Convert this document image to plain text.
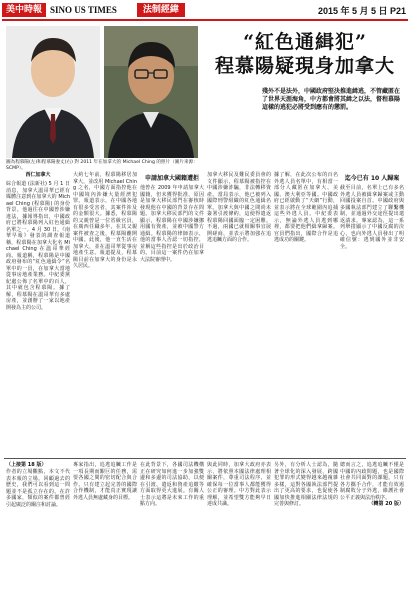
美中時報 SINO US TIMES	法制經緯	2015 年 5 月 5 日 P21
圖為程慕陽(左)和程慕陽妻丈(右) 對 2011 年在加拿大的 Michael Ching 的照片（圖片來源：SCMP）。
“紅色通緝犯”
程慕陽疑現身加拿大
殘外不是法外，中國政府堅決推進緝逃，不管藏匿在了世界天涯海角，中方都會將其緝之以法，督程慕陽這樣的逃犯必將受到應有的懲罰。
西仁加拿大
綜合報道 (法新社) 5 月 1 日消息，加拿大溫哥華已經有媒體注意到在加拿大的 Michael Ching (程慕陽) 的身份背景。他過往在中國曾涉嫌違法，據報導指出，中國政府已將程慕陽列入紅色通緝名單之一。4 月 30 日，《南華早報》發表的調查報道稱，程慕陽在加拿大化名 Michael Ching 在溫哥華經商。報道稱，程慕陽是中國政府發布的“紅色通緝令”名單中的一員，在加拿大當地從事房地產業務。中紀委黨紀處公佈了名單中的百人，其中就包含程慕陽。據了解，程慕陽在溫哥華有多處房產，並創辦了一家以地產開發為主的公司。
大約七年前，程慕陽移居加拿大，並改用 Michael Ching 之名，中國方面指控他在中國境內涉嫌大量經濟犯罪。報道表示，在中國各地有很多受害者，其案件涉及的金額很大。據悉，程慕陽的父親曾是一位省級官員，在廣西任職多年，在其父親案件被查之後，程慕陽離開中國。此後，他一直生活在加拿大，並在溫哥華從事房地產生意。報道提及，程慕陽目前在加拿大的身份是永久居民。
申請加拿大國籍遭拒
他曾在 2009 年申請加拿大國籍，但未獲得批准，原因是加拿大移民部門在審核時發現他在中國的背景存在問題。加拿大移民部門的文件顯示，程慕陽在中國涉嫌挪用國有資產，並被中國警方通緝。程慕陽的律師表示，他的當事人否認一切指控，並稱這些指控是出於政治目的。目前這一案件仍在加拿大法院審理中。
加拿大移民及難民委員會的文件顯示，程慕陽被指控在中國涉嫌詐騙，非法轉移資產。當局表示，他已被列入國際刑警組織的紅色通緝名單。加拿大與中國之間尚未簽署引渡條約，這使得遣返程慕陽回國面臨一定困難。不過，兩國已就相關事宜展開磋商，並表示將加強在追逃追贓方面的合作。
據了解，在此次公布的百名外逃人員名單中，有相當一部分人藏匿在加拿大、美國、澳大利亞等國。中國政府已經啟動了“天網”行動，並表示將在全球範圍內追捕這些外逃人員。中紀委表示，無論外逃人員逃到哪裡，都要把他們緝拿歸案。官員們指出，國際合作是追逃成功的關鍵。
迄今已有 10 人歸案
截至目前，名單上已有多名外逃人員被緝拿歸案或主動回國投案自首。中國政府與多國執法部門建立了聯繫機制，並通過外交途徑提出遣返請求。專家認為，這一系列舉措顯示了中國反腐的決心，也向外逃人員發出了明確信號：逃到國外並非安全。
（上接第 18 版）
作者的立場觀點，本文不代表本報的立場。回顧過去的歷史，我們可以看到這一問題並不是孤立存在的。在許多國家，類似的案件都曾經引起廣泛的關注和討論。
專家指出，追逃追贓工作是一項長期而艱巨的任務，需要各國之間的密切配合與合作。只有建立起完善的國際合作機制，才能真正實現讓外逃人員無處藏身的目標。
在此背景下，各國司法機構正在研究如何進一步加強雙邊和多邊的司法協助，以便在引渡、遣返和資產追繳等方面取得更大進展。有關人士表示這將是未來工作的重點方向。
與此同時，加拿大政府亦表示，將依照本國法律處理相關案件，尊重司法程序，並確保每一位當事人都能獲得公正的審理。中方對此表示理解，並希望雙方能夠早日達成共識。
另外，有分析人士認為，隨著全球化的深入發展，跨國犯罪的形式變得越來越複雜多樣，這對各國執法部門提出了更高的要求，也促使各國加快推進相關法律法規的完善與修訂。
總而言之，追逃追贓不僅是中國的內政問題，也是國際社會共同面對的課題。只有各方攜手合作，才能有效遏制腐敗分子外逃，維護社會公平正義與法治秩序。
（轉第 20 版）
